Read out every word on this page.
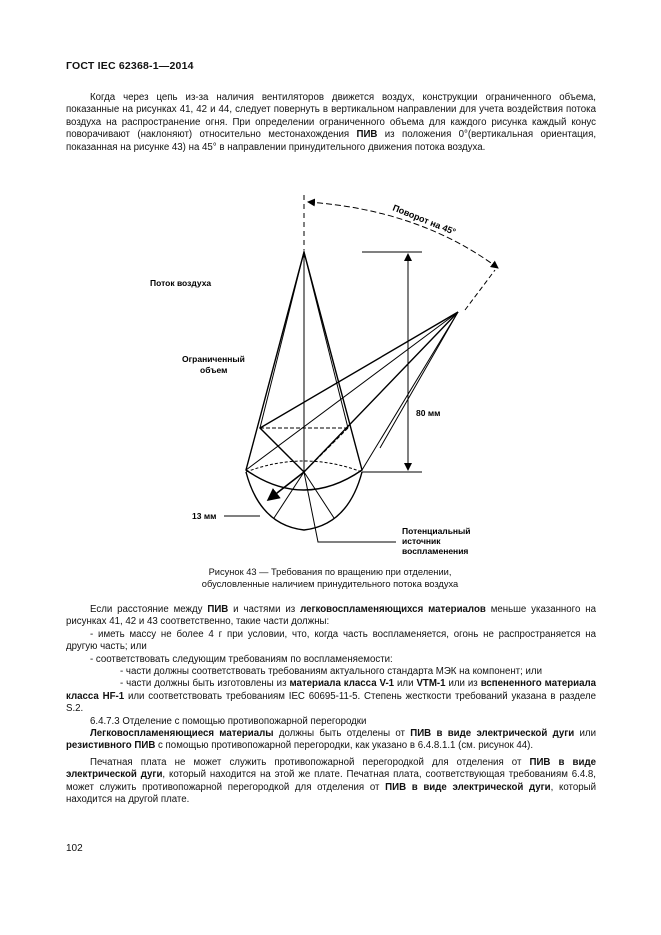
ГОСТ IEC 62368-1—2014

Когда через цепь из-за наличия вентиляторов движется воздух, конструкции ограниченного объема, показанные на рисунках 41, 42 и 44, следует повернуть в вертикальном направлении для учета воздействия потока воздуха на распространение огня. При определении ограниченного объема для каждого рисунка каждый конус поворачивают (наклоняют) относительно местонахождения ПИВ из положения 0°(вертикальная ориентация, показанная на рисунке 43) на 45° в направлении принудительного движения потока воздуха.

Поворот на 45°
Поток воздуха
Ограниченный
объем
80 мм
13 мм
Потенциальный
источник
воспламенения
Рисунок 43 — Требования по вращению при отделении,
обусловленные наличием принудительного потока воздуха

Если расстояние между ПИВ и частями из легковоспламеняющихся материалов меньше указанного на рисунках 41, 42 и 43 соответственно, такие части должны:

- иметь массу не более 4 г при условии, что, когда часть воспламеняется, огонь не распространяется на другую часть; или

- соответствовать следующим требованиям по воспламеняемости:

- части должны соответствовать требованиям актуального стандарта МЭК на компонент; или

- части должны быть изготовлены из материала класса V-1 или VTM-1 или из вспененного материала класса HF-1 или соответствовать требованиям IEC 60695-11-5. Степень жесткости требований указана в разделе S.2.

6.4.7.3 Отделение с помощью противопожарной перегородки

Легковоспламеняющиеся материалы должны быть отделены от ПИВ в виде электрической дуги или резистивного ПИВ с помощью противопожарной перегородки, как указано в 6.4.8.1.1 (см. рисунок 44).

Печатная плата не может служить противопожарной перегородкой для отделения от ПИВ в виде электрической дуги, который находится на этой же плате. Печатная плата, соответствующая требованиям 6.4.8, может служить противопожарной перегородкой для отделения от ПИВ в виде электрической дуги, который находится на другой плате.

102
